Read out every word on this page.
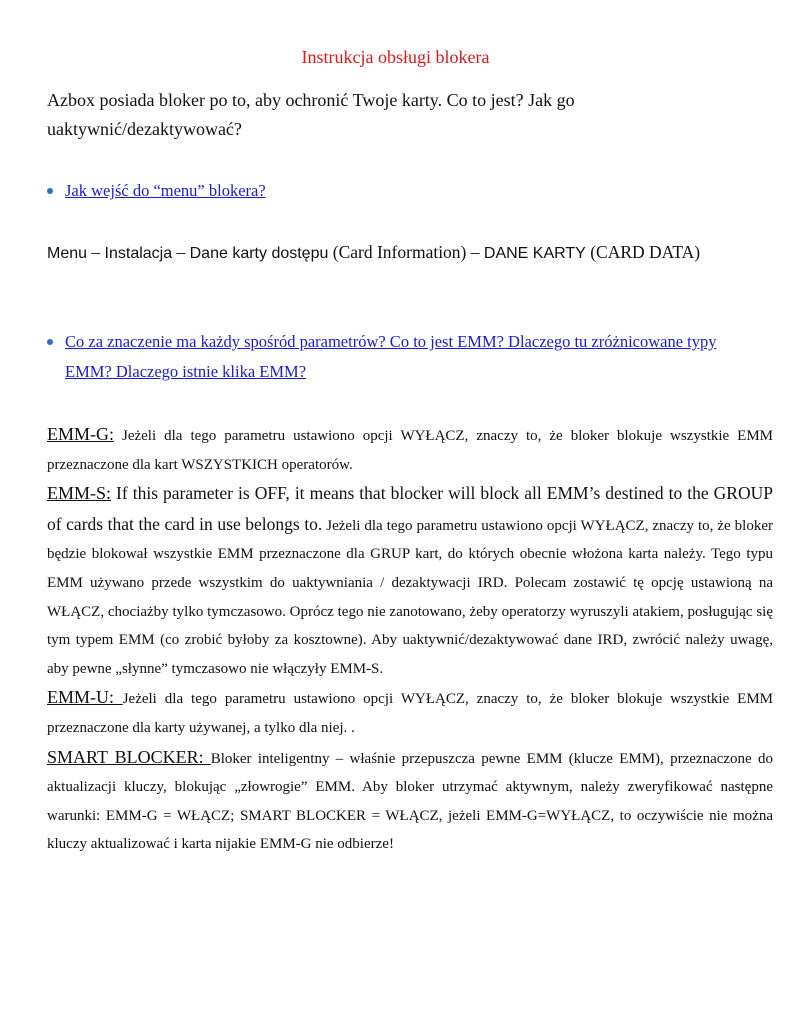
Instrukcja obsługi blokera

Azbox posiada bloker po to, aby ochronić Twoje karty. Co to jest? Jak go uaktywnić/dezaktywować?

Jak wejść do “menu” blokera?

Menu – Instalacja – Dane karty dostępu (Card Information) – DANE KARTY (CARD DATA)

Co za znaczenie ma każdy spośród parametrów? Co to jest EMM? Dlaczego tu zróżnicowane typy EMM? Dlaczego istnie klika EMM?

EMM-G: Jeżeli dla tego parametru ustawiono opcji WYŁĄCZ, znaczy to, że bloker blokuje wszystkie EMM przeznaczone dla kart WSZYSTKICH operatorów.
EMM-S: If this parameter is OFF, it means that blocker will block all EMM’s destined to the GROUP of cards that the card in use belongs to. Jeżeli dla tego parametru ustawiono opcji WYŁĄCZ, znaczy to, że bloker będzie blokował wszystkie EMM przeznaczone dla GRUP kart, do których obecnie włożona karta należy. Tego typu EMM używano przede wszystkim do uaktywniania / dezaktywacji IRD. Polecam zostawić tę opcję ustawioną na WŁĄCZ, chociażby tylko tymczasowo. Oprócz tego nie zanotowano, żeby operatorzy wyruszyli atakiem, posługując się tym typem EMM (co zrobić byłoby za kosztowne). Aby uaktywnić/dezaktywować dane IRD, zwrócić należy uwagę, aby pewne „słynne” tymczasowo nie włączyły EMM-S.
EMM-U: Jeżeli dla tego parametru ustawiono opcji WYŁĄCZ, znaczy to, że bloker blokuje wszystkie EMM przeznaczone dla karty używanej, a tylko dla niej. .
SMART BLOCKER: Bloker inteligentny – właśnie przepuszcza pewne EMM (klucze EMM), przeznaczone do aktualizacji kluczy, blokując „złowrogie” EMM. Aby bloker utrzymać aktywnym, należy zweryfikować następne warunki: EMM-G = WŁĄCZ; SMART BLOCKER = WŁĄCZ, jeżeli EMM-G=WYŁĄCZ, to oczywiście nie można kluczy aktualizować i karta nijakie EMM-G nie odbierze!
